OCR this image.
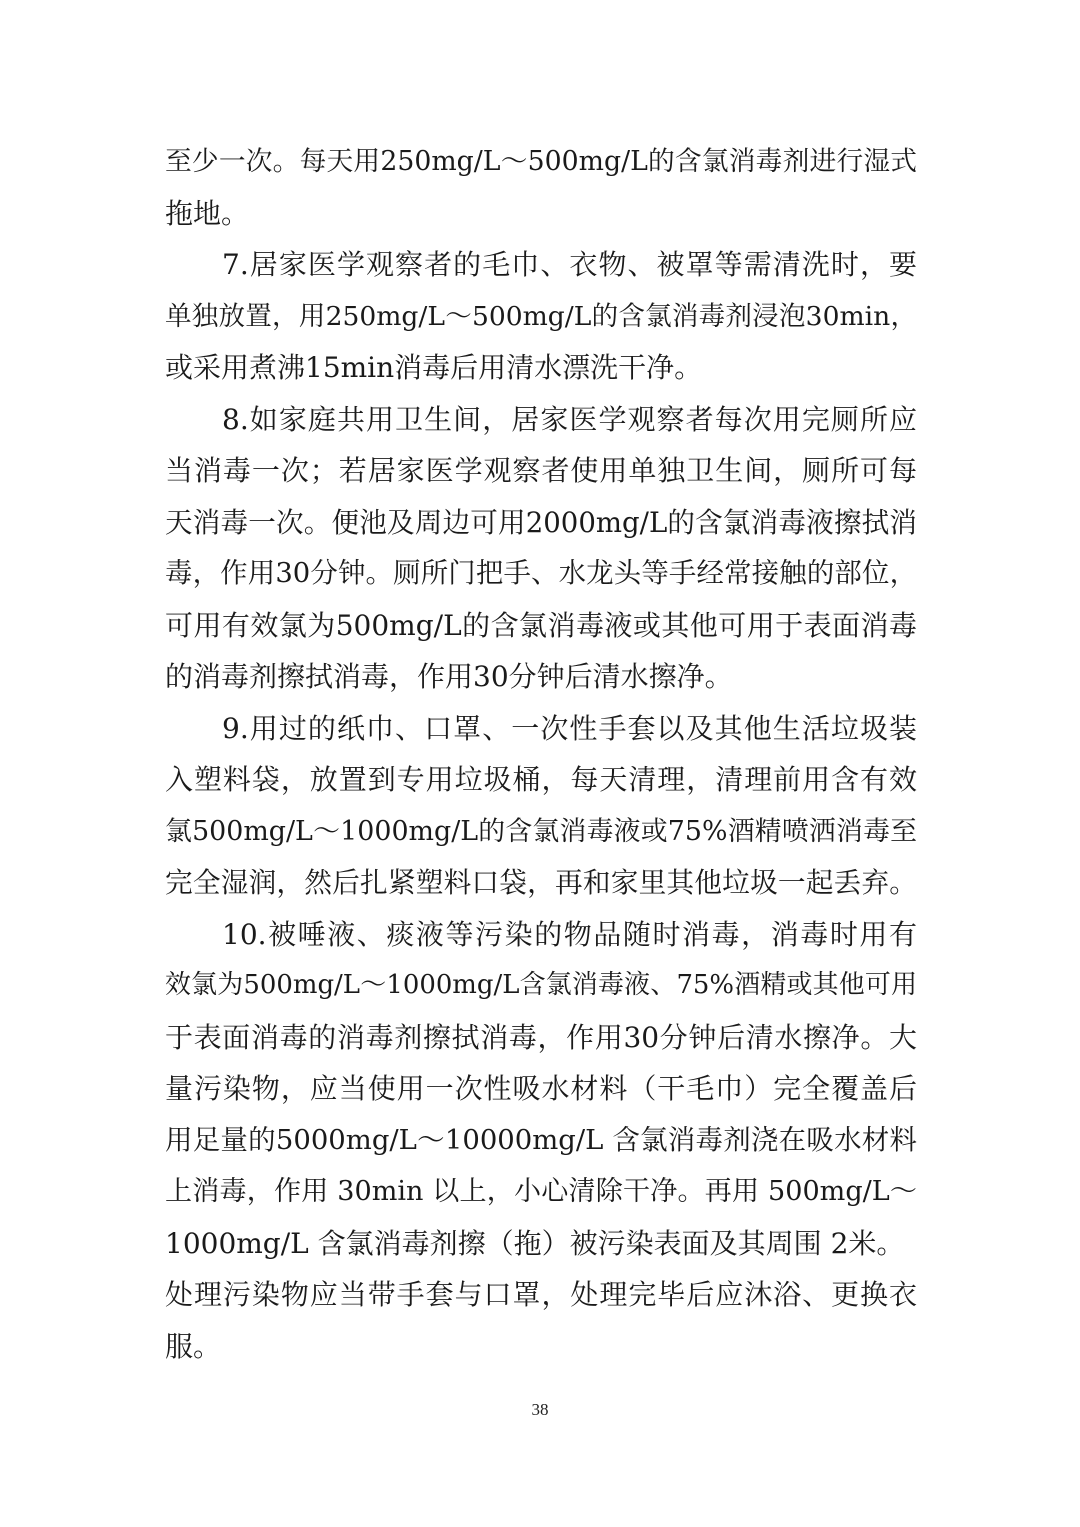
至少一次。每天用250mg/L～500mg/L的含氯消毒剂进行湿式
拖地。
7.居家医学观察者的毛巾、衣物、被罩等需清洗时，要
单独放置，用250mg/L～500mg/L的含氯消毒剂浸泡30min，
或采用煮沸15min消毒后用清水漂洗干净。
8.如家庭共用卫生间，居家医学观察者每次用完厕所应
当消毒一次；若居家医学观察者使用单独卫生间，厕所可每
天消毒一次。便池及周边可用2000mg/L的含氯消毒液擦拭消
毒，作用30分钟。厕所门把手、水龙头等手经常接触的部位，
可用有效氯为500mg/L的含氯消毒液或其他可用于表面消毒
的消毒剂擦拭消毒，作用30分钟后清水擦净。
9.用过的纸巾、口罩、一次性手套以及其他生活垃圾装
入塑料袋，放置到专用垃圾桶，每天清理，清理前用含有效
氯500mg/L～1000mg/L的含氯消毒液或75%酒精喷洒消毒至
完全湿润，然后扎紧塑料口袋，再和家里其他垃圾一起丢弃。
10.被唾液、痰液等污染的物品随时消毒，消毒时用有
效氯为500mg/L～1000mg/L含氯消毒液、75%酒精或其他可用
于表面消毒的消毒剂擦拭消毒，作用30分钟后清水擦净。大
量污染物，应当使用一次性吸水材料（干毛巾）完全覆盖后
用足量的5000mg/L～10000mg/L 含氯消毒剂浇在吸水材料
上消毒，作用 30min 以上，小心清除干净。再用 500mg/L～
1000mg/L 含氯消毒剂擦（拖）被污染表面及其周围 2米。
处理污染物应当带手套与口罩，处理完毕后应沐浴、更换衣
服。
38
